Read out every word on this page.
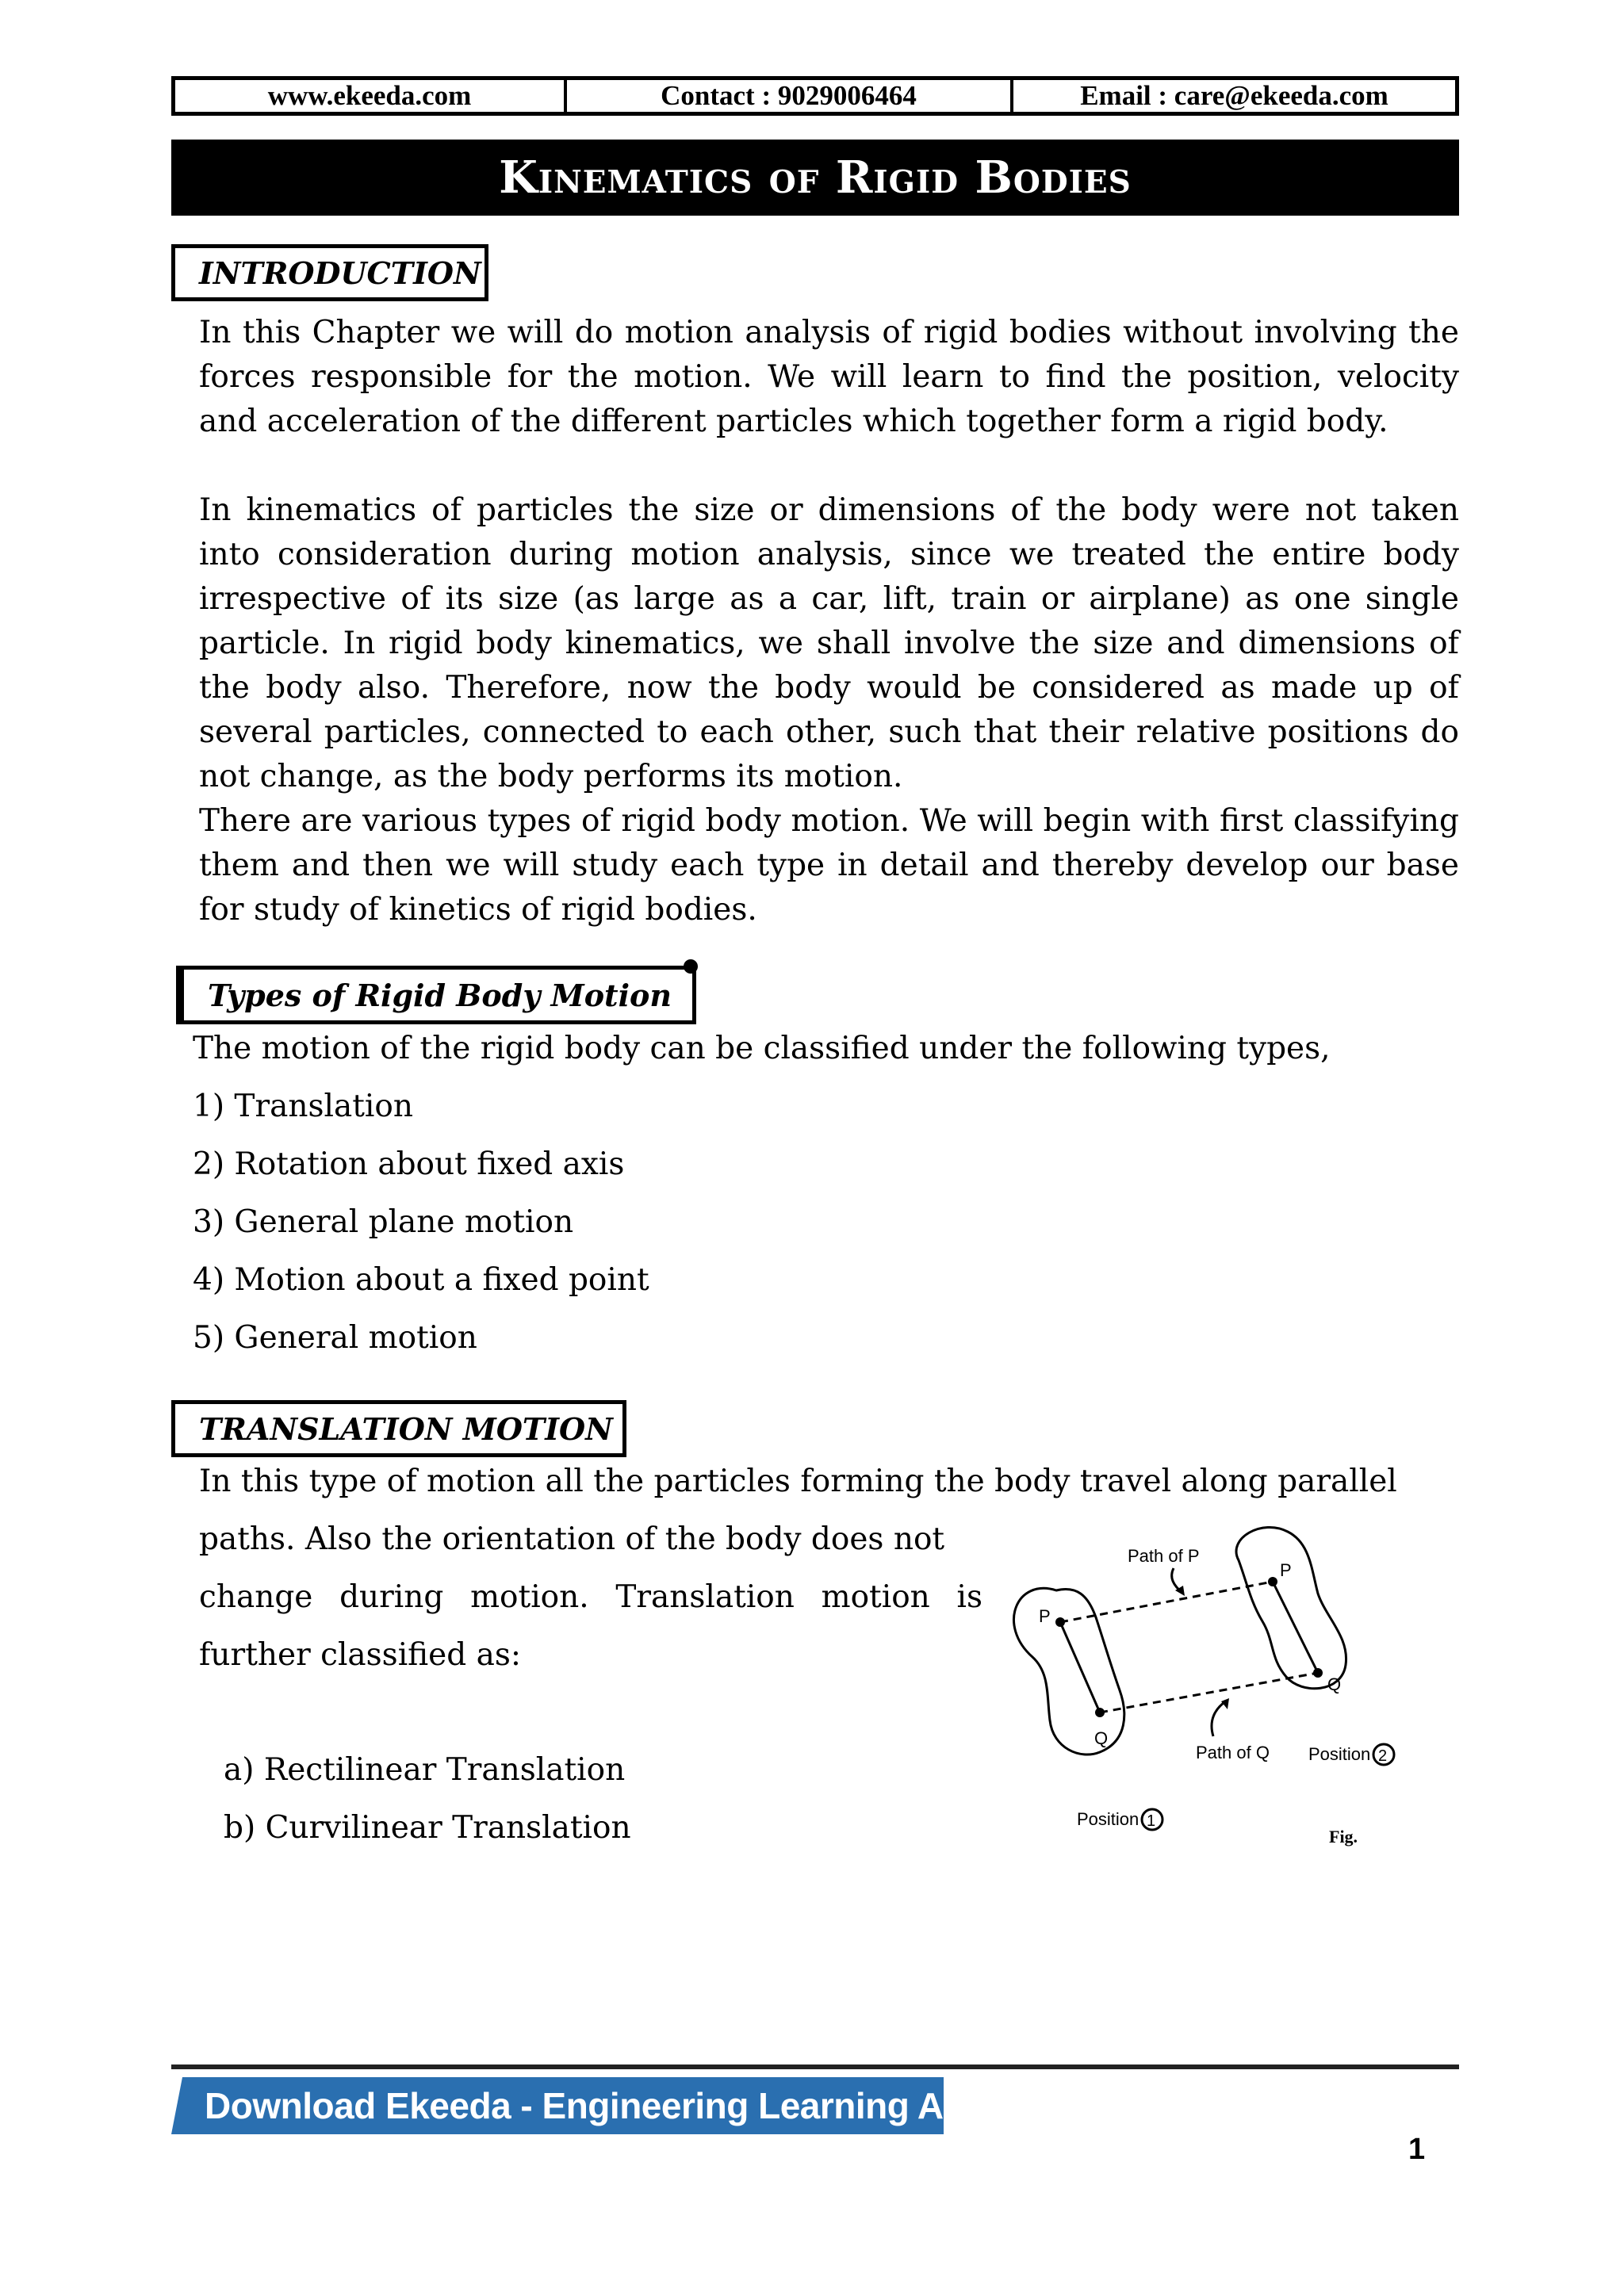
www.ekeeda.com	Contact : 9029006464	Email : care@ekeeda.com
Kinematics of Rigid Bodies
INTRODUCTION

In this Chapter we will do motion analysis of rigid bodies without involving the forces responsible for the motion. We will learn to find the position, velocity and acceleration of the different particles which together form a rigid body.

In kinematics of particles the size or dimensions of the body were not taken into consideration during motion analysis, since we treated the entire body irrespective of its size (as large as a car, lift, train or airplane) as one single particle. In rigid body kinematics, we shall involve the size and dimensions of the body also. Therefore, now the body would be considered as made up of several particles, connected to each other, such that their relative positions do not change, as the body performs its motion.

There are various types of rigid body motion. We will begin with first classifying them and then we will study each type in detail and thereby develop our base for study of kinetics of rigid bodies.

Types of Rigid Body Motion
The motion of the rigid body can be classified under the following types,
1) Translation
2) Rotation about fixed axis
3) General plane motion
4) Motion about a fixed point
5) General motion
TRANSLATION MOTION
In this type of motion all the particles forming the body travel along parallel
paths. Also the orientation of the body does not
change during motion. Translation motion is
further classified as:
a) Rectilinear Translation
b) Curvilinear Translation
Path of P
Path of Q
P
Q
P
Q
Position
Position
1
2
Fig.
Download Ekeeda - Engineering Learning App
1
